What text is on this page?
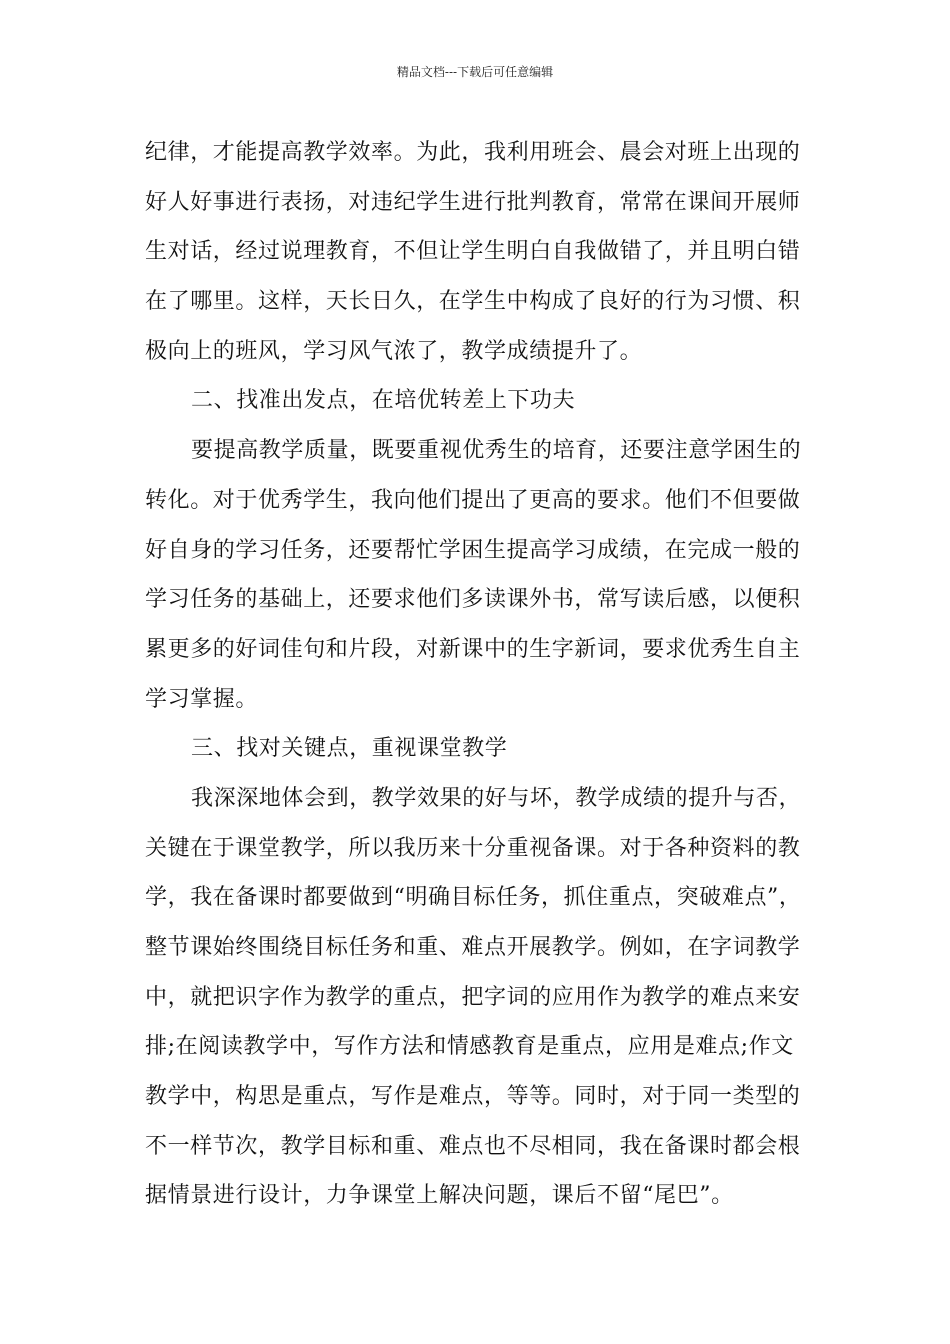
精品文档---下载后可任意编辑
纪律，才能提高教学效率。为此，我利用班会、晨会对班上出现的
好人好事进行表扬，对违纪学生进行批判教育，常常在课间开展师
生对话，经过说理教育，不但让学生明白自我做错了，并且明白错
在了哪里。这样，天长日久，在学生中构成了良好的行为习惯、积
极向上的班风，学习风气浓了，教学成绩提升了。
二、找准出发点，在培优转差上下功夫
要提高教学质量，既要重视优秀生的培育，还要注意学困生的
转化。对于优秀学生，我向他们提出了更高的要求。他们不但要做
好自身的学习任务，还要帮忙学困生提高学习成绩，在完成一般的
学习任务的基础上，还要求他们多读课外书，常写读后感，以便积
累更多的好词佳句和片段，对新课中的生字新词，要求优秀生自主
学习掌握。
三、找对关键点，重视课堂教学
我深深地体会到，教学效果的好与坏，教学成绩的提升与否，
关键在于课堂教学，所以我历来十分重视备课。对于各种资料的教
学，我在备课时都要做到“明确目标任务，抓住重点，突破难点”，
整节课始终围绕目标任务和重、难点开展教学。例如，在字词教学
中，就把识字作为教学的重点，把字词的应用作为教学的难点来安
排;在阅读教学中，写作方法和情感教育是重点，应用是难点;作文
教学中，构思是重点，写作是难点，等等。同时，对于同一类型的
不一样节次，教学目标和重、难点也不尽相同，我在备课时都会根
据情景进行设计，力争课堂上解决问题，课后不留“尾巴”。
